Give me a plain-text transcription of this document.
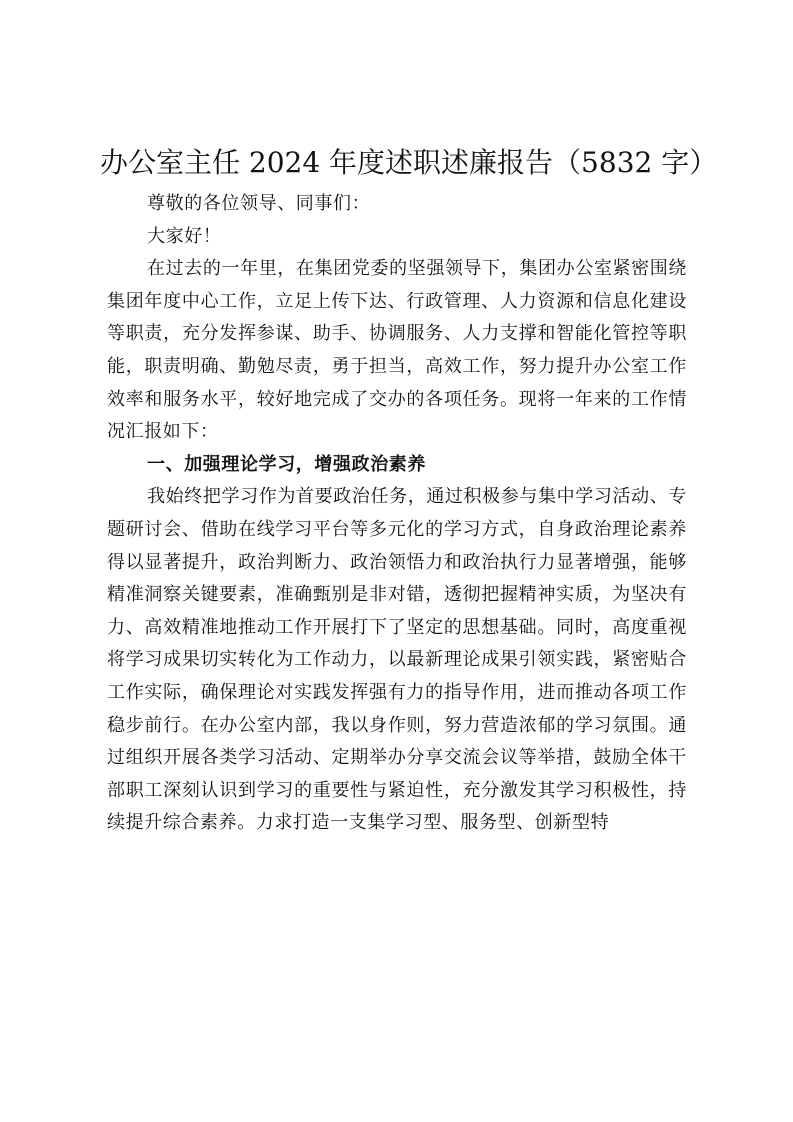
办公室主任 2024 年度述职述廉报告（5832 字）

尊敬的各位领导、同事们：

大家好！

在过去的一年里，在集团党委的坚强领导下，集团办公室紧密围绕集团年度中心工作，立足上传下达、行政管理、人力资源和信息化建设等职责，充分发挥参谋、助手、协调服务、人力支撑和智能化管控等职能，职责明确、勤勉尽责，勇于担当，高效工作，努力提升办公室工作效率和服务水平，较好地完成了交办的各项任务。现将一年来的工作情况汇报如下：

一、加强理论学习，增强政治素养

我始终把学习作为首要政治任务，通过积极参与集中学习活动、专题研讨会、借助在线学习平台等多元化的学习方式，自身政治理论素养得以显著提升，政治判断力、政治领悟力和政治执行力显著增强，能够精准洞察关键要素，准确甄别是非对错，透彻把握精神实质，为坚决有力、高效精准地推动工作开展打下了坚定的思想基础。同时，高度重视将学习成果切实转化为工作动力，以最新理论成果引领实践，紧密贴合工作实际，确保理论对实践发挥强有力的指导作用，进而推动各项工作稳步前行。在办公室内部，我以身作则，努力营造浓郁的学习氛围。通过组织开展各类学习活动、定期举办分享交流会议等举措，鼓励全体干部职工深刻认识到学习的重要性与紧迫性，充分激发其学习积极性，持续提升综合素养。力求打造一支集学习型、服务型、创新型特
